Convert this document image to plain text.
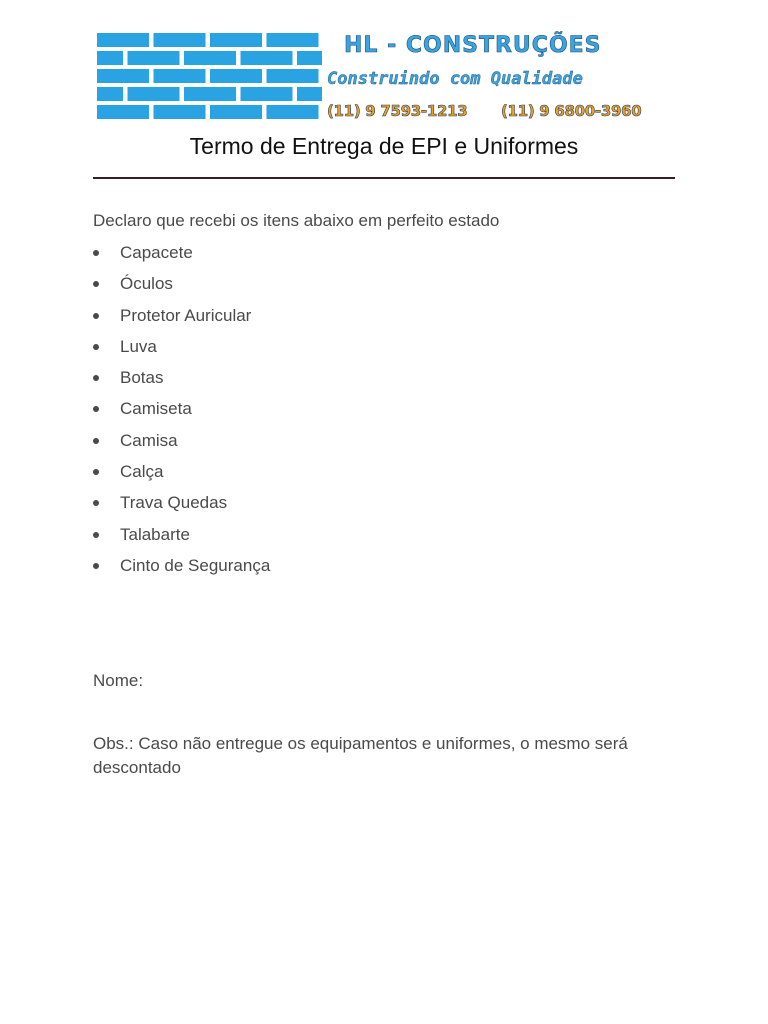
HL - CONSTRUÇÕES
Construindo com Qualidade
(11) 9 7593-1213 (11) 9 6800-3960
Termo de Entrega de EPI e Uniformes
Declaro que recebi os itens abaixo em perfeito estado
Capacete
Óculos
Protetor Auricular
Luva
Botas
Camiseta
Camisa
Calça
Trava Quedas
Talabarte
Cinto de Segurança
Nome:
Obs.: Caso não entregue os equipamentos e uniformes, o mesmo será descontado
